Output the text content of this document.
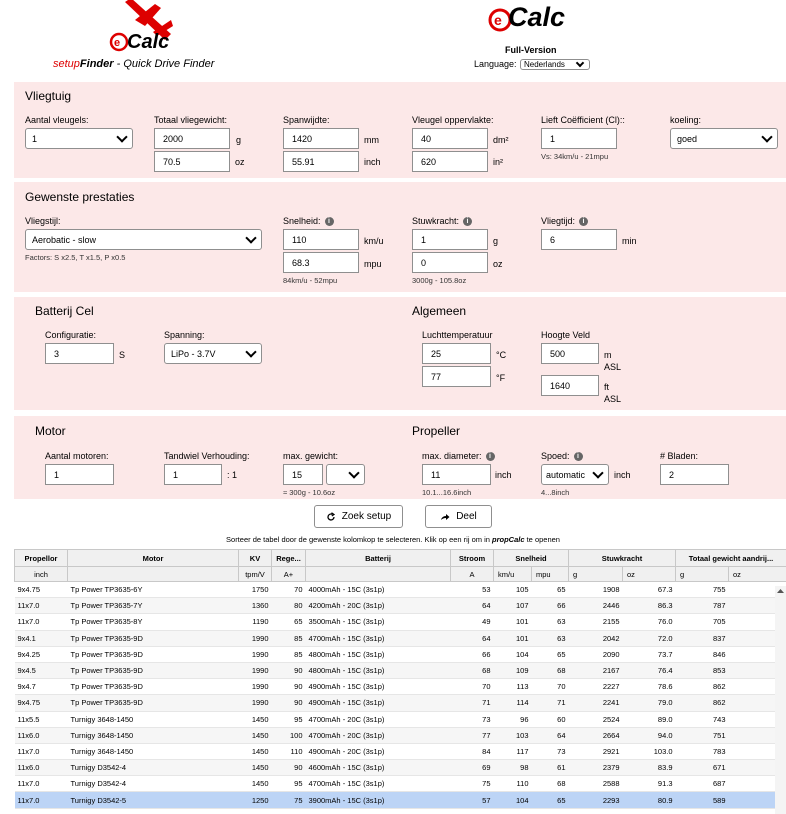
e Calc
setupFinder - Quick Drive Finder
e Calc
Full-Version
Language: Nederlands
Vliegtuig
Aantal vleugels:
1
Totaal vliegewicht:
2000	g
70.5	oz
Spanwijdte:
1420	mm
55.91	inch
Vleugel oppervlakte:
40	dm²
620	in²
Lieft Coëfficient (Cl)::
1
Vs: 34km/u - 21mpu
koeling:
goed
Gewenste prestaties
Vliegstijl:
Aerobatic - slow
Factors: S x2.5, T x1.5, P x0.5
Snelheid: i
110	km/u
68.3	mpu
84km/u - 52mpu
Stuwkracht: i
1	g
0	oz
3000g - 105.8oz
Vliegtijd: i
6	min
Batterij Cel
Configuratie:
3	S
Spanning:
LiPo - 3.7V
Algemeen
Luchttemperatuur
25	°C
77	°F
Hoogte Veld
500	m
ASL
1640	ft
ASL
Motor
Aantal motoren:
1
Tandwiel Verhouding:
1	: 1
max. gewicht:
15	g
≈ 300g - 10.6oz
Propeller
max. diameter: i
11	inch
10.1...16.6inch
Spoed: i
automatic	inch
4...8inch
# Bladen:
2
Zoek setup	Deel
Sorteer de tabel door de gewenste kolomkop te selecteren. Klik op een rij om in propCalc te openen
Propellor	Motor	KV	Rege...	Batterij	Stroom	Snelheid		Stuwkracht		Totaal gewicht aandrij...	
inch		tpm/V	A+		A	km/u	mpu	g	oz	g	oz
9x4.75	Tp Power TP3635-6Y	1750	70	4000mAh - 15C (3s1p)	53	105	65	1908	67.3	755	
11x7.0	Tp Power TP3635-7Y	1360	80	4200mAh - 20C (3s1p)	64	107	66	2446	86.3	787	
11x7.0	Tp Power TP3635-8Y	1190	65	3500mAh - 15C (3s1p)	49	101	63	2155	76.0	705	
9x4.1	Tp Power TP3635-9D	1990	85	4700mAh - 15C (3s1p)	64	101	63	2042	72.0	837	
9x4.25	Tp Power TP3635-9D	1990	85	4800mAh - 15C (3s1p)	66	104	65	2090	73.7	846	
9x4.5	Tp Power TP3635-9D	1990	90	4800mAh - 15C (3s1p)	68	109	68	2167	76.4	853	
9x4.7	Tp Power TP3635-9D	1990	90	4900mAh - 15C (3s1p)	70	113	70	2227	78.6	862	
9x4.75	Tp Power TP3635-9D	1990	90	4900mAh - 15C (3s1p)	71	114	71	2241	79.0	862	
11x5.5	Turnigy 3648-1450	1450	95	4700mAh - 20C (3s1p)	73	96	60	2524	89.0	743	
11x6.0	Turnigy 3648-1450	1450	100	4700mAh - 20C (3s1p)	77	103	64	2664	94.0	751	
11x7.0	Turnigy 3648-1450	1450	110	4900mAh - 20C (3s1p)	84	117	73	2921	103.0	783	
11x6.0	Turnigy D3542-4	1450	90	4600mAh - 15C (3s1p)	69	98	61	2379	83.9	671	
11x7.0	Turnigy D3542-4	1450	95	4700mAh - 15C (3s1p)	75	110	68	2588	91.3	687	
11x7.0	Turnigy D3542-5	1250	75	3900mAh - 15C (3s1p)	57	104	65	2293	80.9	589	
